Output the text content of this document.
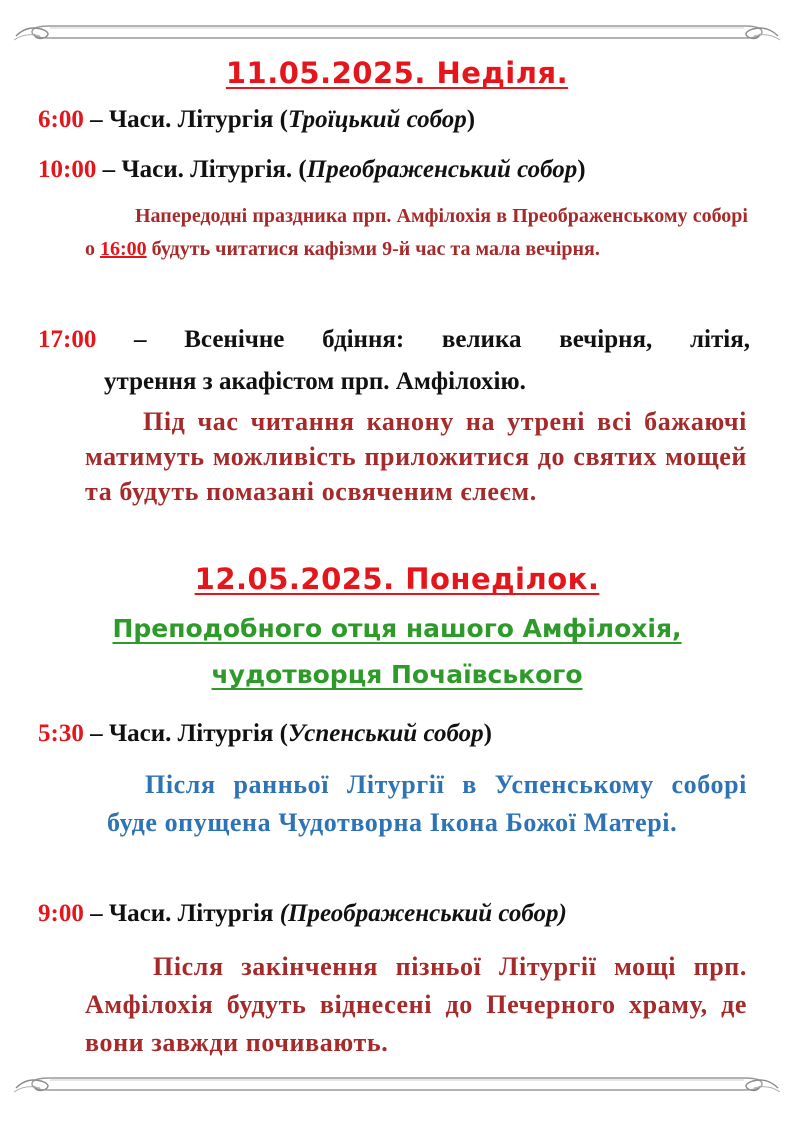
11.05.2025. Неділя.
6:00 – Часи. Літургія (Троїцький собор)
10:00 – Часи. Літургія. (Преображенський собор)
Напередодні праздника прп. Амфілохія в Преображенському соборі о 16:00 будуть читатися кафізми 9-й час та мала вечірня.
17:00 – Всенічне бдіння: велика вечірня, літія,
утрення з акафістом прп. Амфілохію.
Під час читання канону на утрені всі бажаючі матимуть можливість приложитися до святих мощей та будуть помазані освяченим єлеєм.
12.05.2025. Понеділок.
Преподобного отця нашого Амфілохія,
чудотворця Почаївського
5:30 – Часи. Літургія (Успенський собор)
Після ранньої Літургії в Успенському соборі буде опущена Чудотворна Ікона Божої Матері.
9:00 – Часи. Літургія (Преображенський собор)
Після закінчення пізньої Літургії мощі прп. Амфілохія будуть віднесені до Печерного храму, де вони завжди почивають.
